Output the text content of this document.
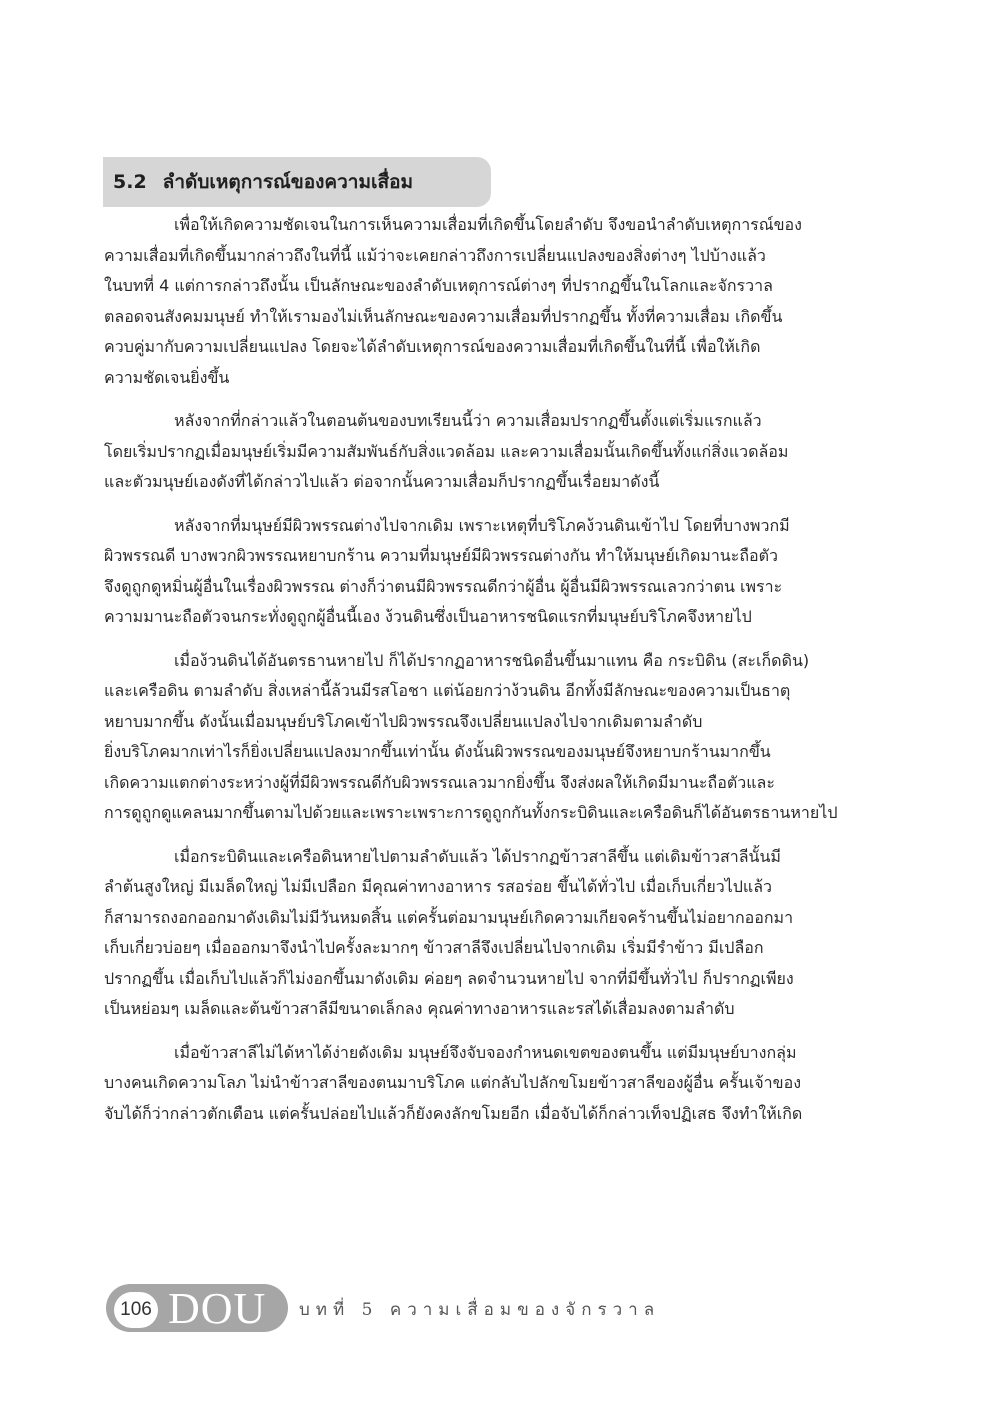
5.2 ลำดับเหตุการณ์ของความเสื่อม

เพื่อให้เกิดความชัดเจนในการเห็นความเสื่อมที่เกิดขึ้นโดยลำดับ จึงขอนำลำดับเหตุการณ์ของ
ความเสื่อมที่เกิดขึ้นมากล่าวถึงในที่นี้ แม้ว่าจะเคยกล่าวถึงการเปลี่ยนแปลงของสิ่งต่างๆ ไปบ้างแล้ว
ในบทที่ 4 แต่การกล่าวถึงนั้น เป็นลักษณะของลำดับเหตุการณ์ต่างๆ ที่ปรากฏขึ้นในโลกและจักรวาล
ตลอดจนสังคมมนุษย์ ทำให้เรามองไม่เห็นลักษณะของความเสื่อมที่ปรากฏขึ้น ทั้งที่ความเสื่อม เกิดขึ้น
ควบคู่มากับความเปลี่ยนแปลง โดยจะได้ลำดับเหตุการณ์ของความเสื่อมที่เกิดขึ้นในที่นี้ เพื่อให้เกิด
ความชัดเจนยิ่งขึ้น

หลังจากที่กล่าวแล้วในตอนต้นของบทเรียนนี้ว่า ความเสื่อมปรากฏขึ้นตั้งแต่เริ่มแรกแล้ว
โดยเริ่มปรากฏเมื่อมนุษย์เริ่มมีความสัมพันธ์กับสิ่งแวดล้อม และความเสื่อมนั้นเกิดขึ้นทั้งแก่สิ่งแวดล้อม
และตัวมนุษย์เองดังที่ได้กล่าวไปแล้ว ต่อจากนั้นความเสื่อมก็ปรากฏขึ้นเรื่อยมาดังนี้

หลังจากที่มนุษย์มีผิวพรรณต่างไปจากเดิม เพราะเหตุที่บริโภคง้วนดินเข้าไป โดยที่บางพวกมี
ผิวพรรณดี บางพวกผิวพรรณหยาบกร้าน ความที่มนุษย์มีผิวพรรณต่างกัน ทำให้มนุษย์เกิดมานะถือตัว
จึงดูถูกดูหมิ่นผู้อื่นในเรื่องผิวพรรณ ต่างก็ว่าตนมีผิวพรรณดีกว่าผู้อื่น ผู้อื่นมีผิวพรรณเลวกว่าตน เพราะ
ความมานะถือตัวจนกระทั่งดูถูกผู้อื่นนี้เอง ง้วนดินซึ่งเป็นอาหารชนิดแรกที่มนุษย์บริโภคจึงหายไป

เมื่อง้วนดินได้อันตรธานหายไป ก็ได้ปรากฏอาหารชนิดอื่นขึ้นมาแทน คือ กระบิดิน (สะเก็ดดิน)
และเครือดิน ตามลำดับ สิ่งเหล่านี้ล้วนมีรสโอชา แต่น้อยกว่าง้วนดิน อีกทั้งมีลักษณะของความเป็นธาตุ
หยาบมากขึ้น ดังนั้นเมื่อมนุษย์บริโภคเข้าไปผิวพรรณจึงเปลี่ยนแปลงไปจากเดิมตามลำดับ
ยิ่งบริโภคมากเท่าไรก็ยิ่งเปลี่ยนแปลงมากขึ้นเท่านั้น ดังนั้นผิวพรรณของมนุษย์จึงหยาบกร้านมากขึ้น
เกิดความแตกต่างระหว่างผู้ที่มีผิวพรรณดีกับผิวพรรณเลวมากยิ่งขึ้น จึงส่งผลให้เกิดมีมานะถือตัวและ
การดูถูกดูแคลนมากขึ้นตามไปด้วยและเพราะเพราะการดูถูกกันทั้งกระบิดินและเครือดินก็ได้อันตรธานหายไป

เมื่อกระบิดินและเครือดินหายไปตามลำดับแล้ว ได้ปรากฏข้าวสาลีขึ้น แต่เดิมข้าวสาลีนั้นมี
ลำต้นสูงใหญ่ มีเมล็ดใหญ่ ไม่มีเปลือก มีคุณค่าทางอาหาร รสอร่อย ขึ้นได้ทั่วไป เมื่อเก็บเกี่ยวไปแล้ว
ก็สามารถงอกออกมาดังเดิมไม่มีวันหมดสิ้น แต่ครั้นต่อมามนุษย์เกิดความเกียจคร้านขึ้นไม่อยากออกมา
เก็บเกี่ยวบ่อยๆ เมื่อออกมาจึงนำไปครั้งละมากๆ ข้าวสาลีจึงเปลี่ยนไปจากเดิม เริ่มมีรำข้าว มีเปลือก
ปรากฏขึ้น เมื่อเก็บไปแล้วก็ไม่งอกขึ้นมาดังเดิม ค่อยๆ ลดจำนวนหายไป จากที่มีขึ้นทั่วไป ก็ปรากฏเพียง
เป็นหย่อมๆ เมล็ดและต้นข้าวสาลีมีขนาดเล็กลง คุณค่าทางอาหารและรสได้เสื่อมลงตามลำดับ

เมื่อข้าวสาลีไม่ได้หาได้ง่ายดังเดิม มนุษย์จึงจับจองกำหนดเขตของตนขึ้น แต่มีมนุษย์บางกลุ่ม
บางคนเกิดความโลภ ไม่นำข้าวสาลีของตนมาบริโภค แต่กลับไปลักขโมยข้าวสาลีของผู้อื่น ครั้นเจ้าของ
จับได้ก็ว่ากล่าวตักเตือน แต่ครั้นปล่อยไปแล้วก็ยังคงลักขโมยอีก เมื่อจับได้ก็กล่าวเท็จปฏิเสธ จึงทำให้เกิด

106 DOU บทที่ 5 ความเสื่อมของจักรวาล
